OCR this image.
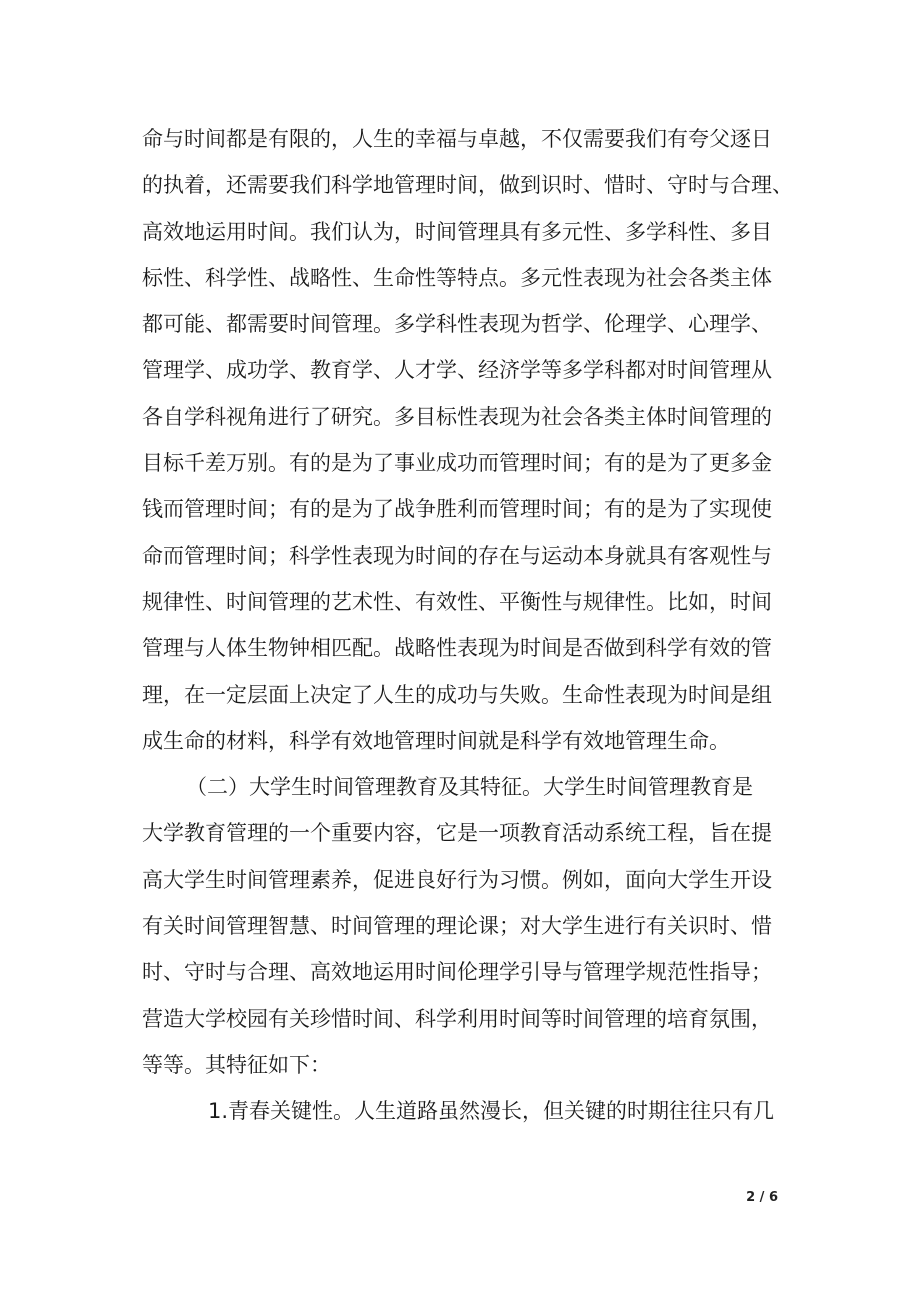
命与时间都是有限的，人生的幸福与卓越，不仅需要我们有夸父逐日
的执着，还需要我们科学地管理时间，做到识时、惜时、守时与合理、
高效地运用时间。我们认为，时间管理具有多元性、多学科性、多目
标性、科学性、战略性、生命性等特点。多元性表现为社会各类主体
都可能、都需要时间管理。多学科性表现为哲学、伦理学、心理学、
管理学、成功学、教育学、人才学、经济学等多学科都对时间管理从
各自学科视角进行了研究。多目标性表现为社会各类主体时间管理的
目标千差万别。有的是为了事业成功而管理时间；有的是为了更多金
钱而管理时间；有的是为了战争胜利而管理时间；有的是为了实现使
命而管理时间；科学性表现为时间的存在与运动本身就具有客观性与
规律性、时间管理的艺术性、有效性、平衡性与规律性。比如，时间
管理与人体生物钟相匹配。战略性表现为时间是否做到科学有效的管
理，在一定层面上决定了人生的成功与失败。生命性表现为时间是组
成生命的材料，科学有效地管理时间就是科学有效地管理生命。
（二）大学生时间管理教育及其特征。大学生时间管理教育是
大学教育管理的一个重要内容，它是一项教育活动系统工程，旨在提
高大学生时间管理素养，促进良好行为习惯。例如，面向大学生开设
有关时间管理智慧、时间管理的理论课；对大学生进行有关识时、惜
时、守时与合理、高效地运用时间伦理学引导与管理学规范性指导；
营造大学校园有关珍惜时间、科学利用时间等时间管理的培育氛围，
等等。其特征如下：
1.青春关键性。人生道路虽然漫长，但关键的时期往往只有几
2 / 6
